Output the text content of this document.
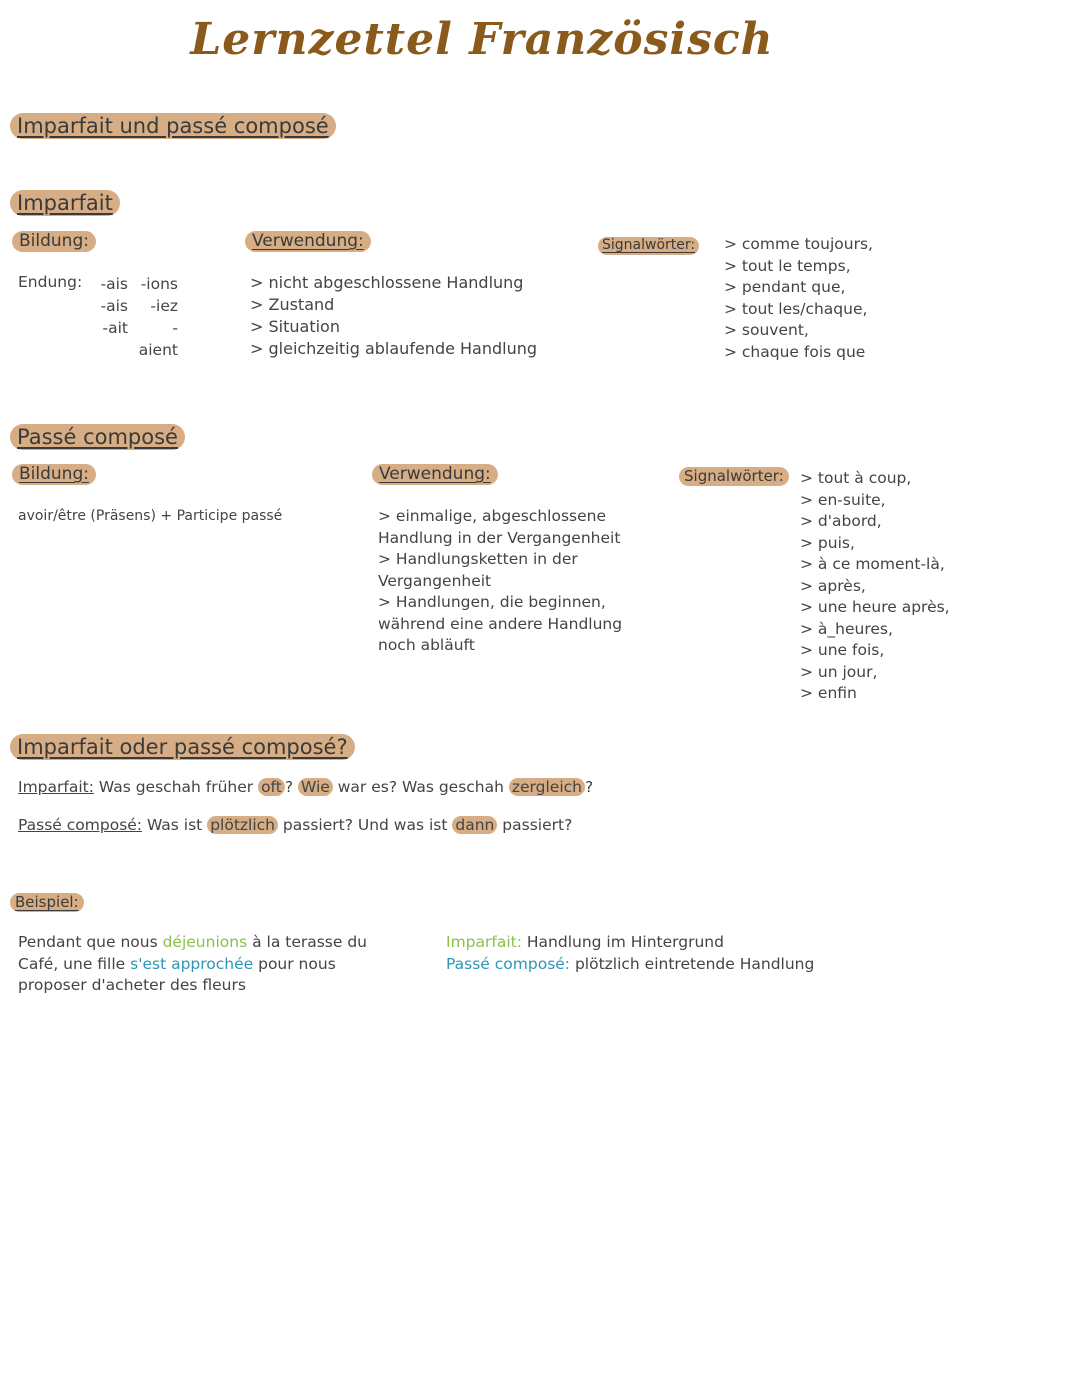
Lernzettel Französisch
Imparfait und passé composé
Imparfait
Bildung:
Endung:	-ais -ions
-ais	-iez
-ait	-aient
Verwendung:
> nicht abgeschlossene Handlung
> Zustand
> Situation
> gleichzeitig ablaufende Handlung
Signalwörter: > comme toujours,
> tout le temps,
> pendant que,
> tout les/chaque,
> souvent,
> chaque fois que
Passé composé
Bildung:
avoir/être (Präsens) + Participe passé
Verwendung:
> einmalige, abgeschlossene
Handlung in der Vergangenheit
> Handlungsketten in der
Vergangenheit
> Handlungen, die beginnen,
während eine andere Handlung
noch abläuft
Signalwörter:	> tout à coup,
> en-suite,
> d'abord,
> puis,
> à ce moment-là,
> après,
> une heure après,
> à_heures,
> une fois,
> un jour,
> enfin
Imparfait oder passé composé?
Imparfait: Was geschah früher oft ? Wie war es? Was geschah zergleich ?
Passé composé: Was ist plötzlich passiert? Und was ist dann passiert?
Beispiel:
Pendant que nous déjeunions à la terasse du
Café, une fille s'est approchée pour nous
proposer d'acheter des fleurs
Imparfait: Handlung im Hintergrund
Passé composé: plötzlich eintretende Handlung
